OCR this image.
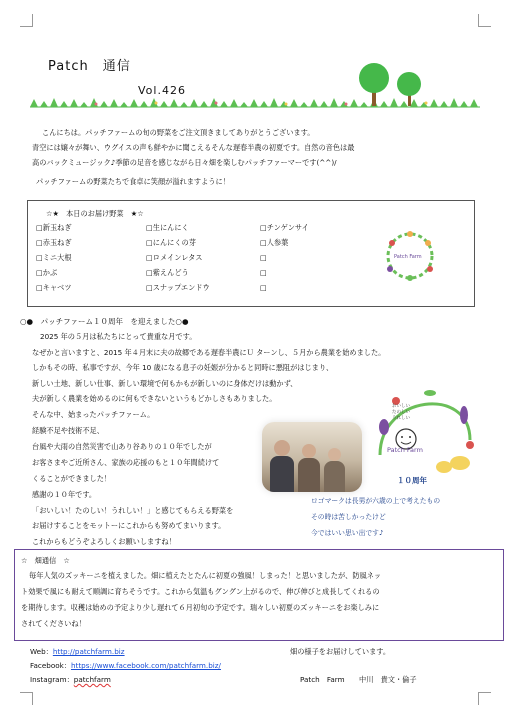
Patch　通信
Vol.426
こんにちは。パッチファームの旬の野菜をご注文頂きましてありがとうございます。
青空には嬢々が舞い、ウグイスの声も鮮やかに聞こえるそんな遅春半農の初夏です。自然の音色は最
高のバックミュージック♪季節の足音を感じながら日々畑を楽しむパッチファーマーです(^^)/
パッチファームの野菜たちで食卓に笑顔が溢れますように！
☆★　本日のお届け野菜　★☆
□新玉ねぎ
□赤玉ねぎ
□ミニ大根
□かぶ
□キャベツ
□生にんにく
□にんにくの芽
□ロメインレタス
□紫えんどう
□スナップエンドウ
□チンゲンサイ
□人参葉
□
□
□
Patch Farm
○●　パッチファーム１０周年　を迎えました○●
2025 年の５月は私たちにとって貴重な月です。
なぜかと言いますと、2015 年４月末に夫の故郷である遅春半農にＵ ターンし、５月から農業を始めました。
しかもその時、私事ですが、今年 10 歳になる息子の妊娠が分かると同時に悪阻がはじまり、
新しい土地、新しい仕事、新しい環境で何もかもが新しいのに身体だけは動かず、
夫が新しく農業を始めるのに何もできないというもどかしさもありました。
そんな中、始まったパッチファーム。
経験不足や技術不足、
台風や大雨の自然災害で山あり谷ありの１０年でしたが
お客さまやご近所さん、家族の応援のもと１０年間続けて
くることができました！
感謝の１０年です。
「おいしい！たのしい！うれしい！」と感じてもらえる野菜を
お届けすることをモットーにこれからも努めてまいります。
これからもどうぞよろしくお願いしますね！
おいしい
たのしい
うれしい
Patch Farm
１０周年
ロゴマークは長男が六歳の上で考えたもの
その時は苦しかったけど
今ではいい思い出です♪
☆　畑通信　☆
毎年人気のズッキーニを植えました。畑に植えたとたんに初夏の強風！しまった！と思いましたが、防風ネッ
ト効果で風にも耐えて順調に育ちそうです。これから気温もグングン上がるので、伸び伸びと成長してくれるの
を期待します。収穫は始めの予定より少し遅れて６月初旬の予定です。瑞々しい初夏のズッキーニをお楽しみに
されてくださいね！
Web：http://patchfarm.biz
Facebook：https://www.facebook.com/patchfarm.biz/
Instagram：patchfarm
畑の様子をお届けしています。
Patch　Farm　　中川　貴文・倫子
